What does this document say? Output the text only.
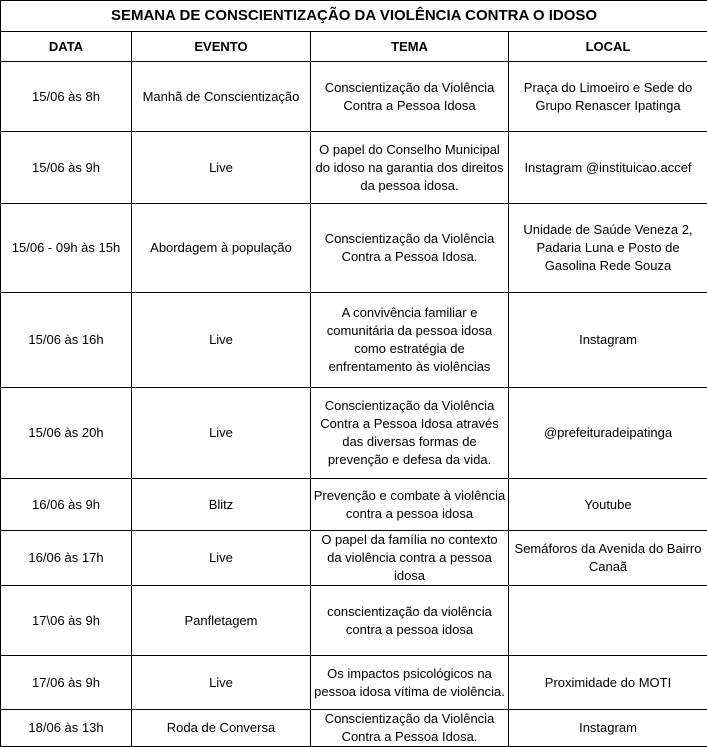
SEMANA DE CONSCIENTIZAÇÃO DA VIOLÊNCIA CONTRA O IDOSO			
DATA	EVENTO	TEMA	LOCAL
15/06 às 8h	Manhã de Conscientização	Conscientização da Violência Contra a Pessoa Idosa	Praça do Limoeiro e Sede do Grupo Renascer Ipatinga
15/06 às 9h	Live	O papel do Conselho Municipal do idoso na garantia dos direitos da pessoa idosa.	Instagram @instituicao.accef
15/06 - 09h às 15h	Abordagem à população	Conscientização da Violência Contra a Pessoa Idosa.	Unidade de Saúde Veneza 2, Padaria Luna e Posto de Gasolina Rede Souza
15/06 às 16h	Live	A convivência familiar e comunitária da pessoa idosa como estratégia de enfrentamento às violências	Instagram
15/06 às 20h	Live	Conscientização da Violência Contra a Pessoa Idosa através das diversas formas de prevenção e defesa da vida.	@prefeituradeipatinga
16/06 às 9h	Blitz	Prevenção e combate à violência contra a pessoa idosa	Youtube
16/06 às 17h	Live	O papel da família no contexto da violência contra a pessoa idosa	Semáforos da Avenida do Bairro Canaã
17\06 às 9h	Panfletagem	conscientização da violência contra a pessoa idosa	
17/06 às 9h	Live	Os impactos psicológicos na pessoa idosa vítima de violência.	Proximidade do MOTI
18/06 às 13h	Roda de Conversa	Conscientização da Violência Contra a Pessoa Idosa.	Instagram
